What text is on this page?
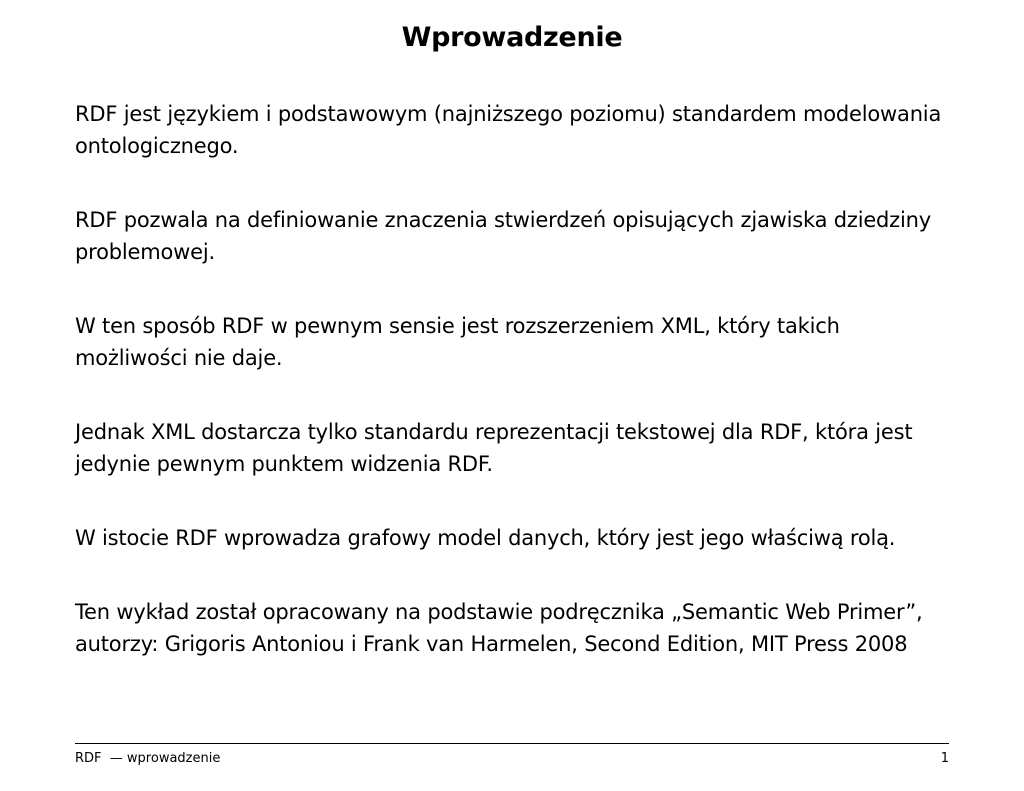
Wprowadzenie

RDF jest językiem i podstawowym (najniższego poziomu) standardem modelowania ontologicznego.

RDF pozwala na definiowanie znaczenia stwierdzeń opisujących zjawiska dziedziny problemowej.

W ten sposób RDF w pewnym sensie jest rozszerzeniem XML, który takich możliwości nie daje.

Jednak XML dostarcza tylko standardu reprezentacji tekstowej dla RDF, która jest jedynie pewnym punktem widzenia RDF.

W istocie RDF wprowadza grafowy model danych, który jest jego właściwą rolą.

Ten wykład został opracowany na podstawie podręcznika „Semantic Web Primer”, autorzy: Grigoris Antoniou i Frank van Harmelen, Second Edition, MIT Press 2008

RDF  — wprowadzenie	1
